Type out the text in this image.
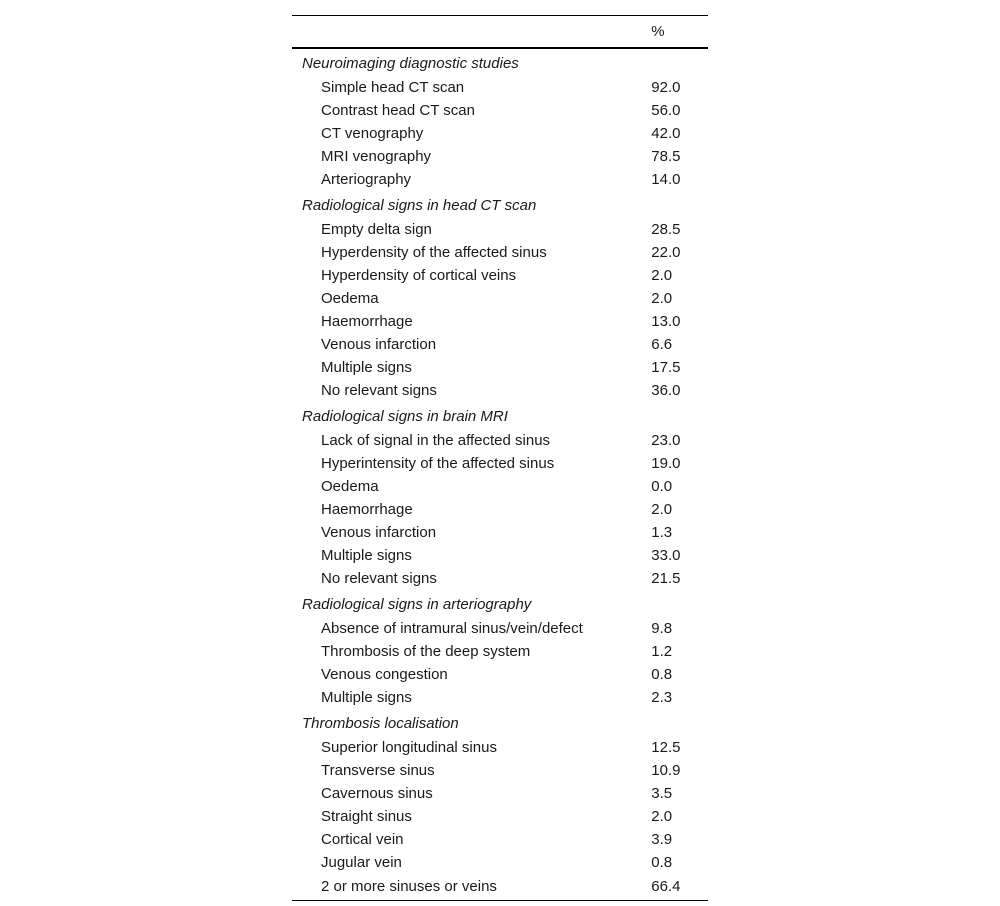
	%
Neuroimaging diagnostic studies	
Simple head CT scan	92.0
Contrast head CT scan	56.0
CT venography	42.0
MRI venography	78.5
Arteriography	14.0
Radiological signs in head CT scan	
Empty delta sign	28.5
Hyperdensity of the affected sinus	22.0
Hyperdensity of cortical veins	2.0
Oedema	2.0
Haemorrhage	13.0
Venous infarction	6.6
Multiple signs	17.5
No relevant signs	36.0
Radiological signs in brain MRI	
Lack of signal in the affected sinus	23.0
Hyperintensity of the affected sinus	19.0
Oedema	0.0
Haemorrhage	2.0
Venous infarction	1.3
Multiple signs	33.0
No relevant signs	21.5
Radiological signs in arteriography	
Absence of intramural sinus/vein/defect	9.8
Thrombosis of the deep system	1.2
Venous congestion	0.8
Multiple signs	2.3
Thrombosis localisation	
Superior longitudinal sinus	12.5
Transverse sinus	10.9
Cavernous sinus	3.5
Straight sinus	2.0
Cortical vein	3.9
Jugular vein	0.8
2 or more sinuses or veins	66.4
